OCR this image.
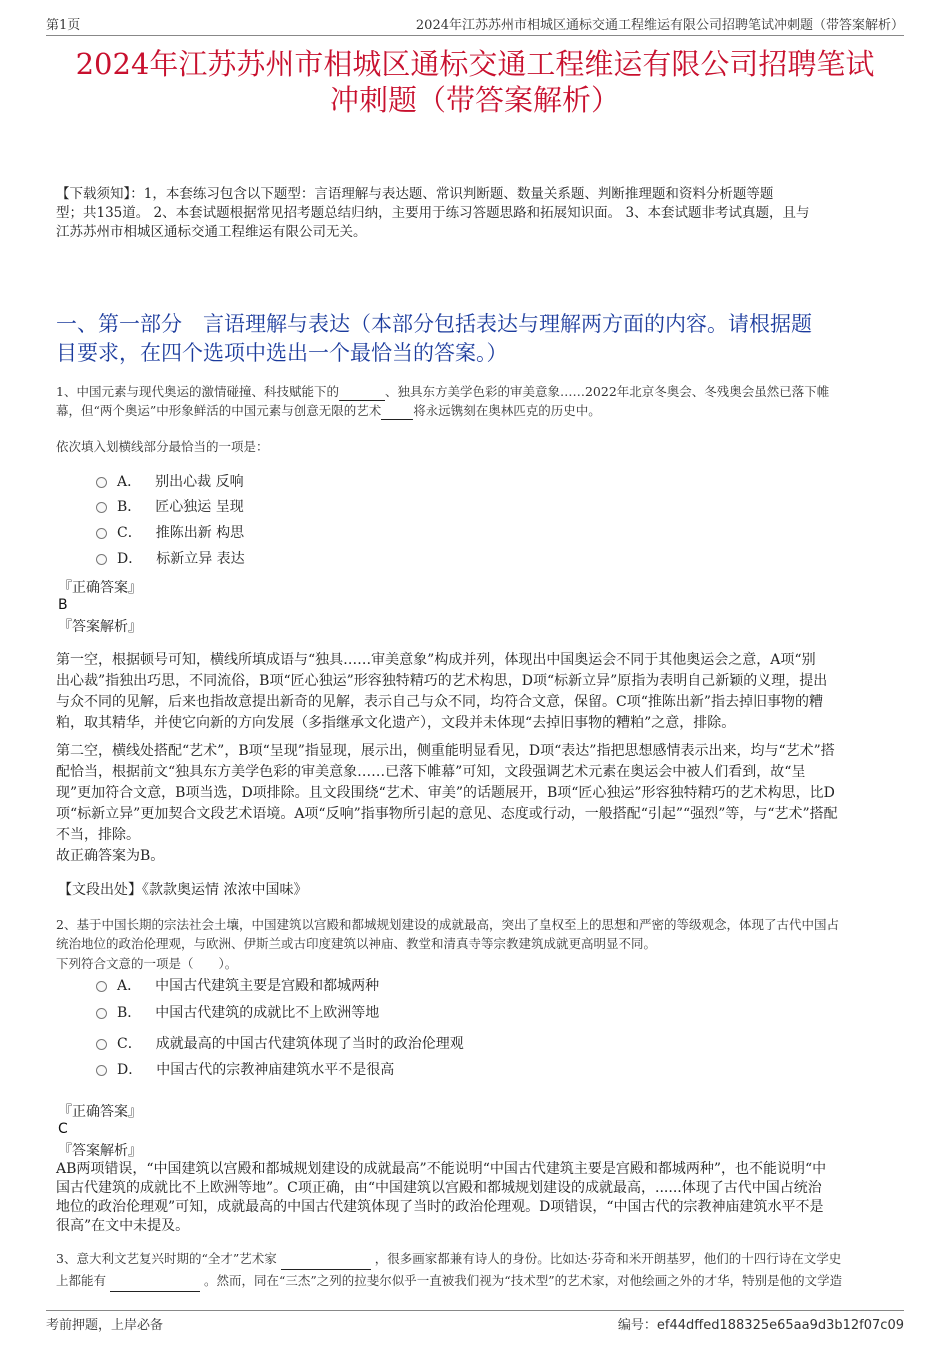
第1页	2024年江苏苏州市相城区通标交通工程维运有限公司招聘笔试冲刺题（带答案解析）
2024年江苏苏州市相城区通标交通工程维运有限公司招聘笔试
冲刺题（带答案解析）
【下载须知】：1，本套练习包含以下题型：言语理解与表达题、常识判断题、数量关系题、判断推理题和资料分析题等题
型；共135道。 2、本套试题根据常见招考题总结归纳，主要用于练习答题思路和拓展知识面。 3、本套试题非考试真题，且与
江苏苏州市相城区通标交通工程维运有限公司无关。
一、第一部分　言语理解与表达（本部分包括表达与理解两方面的内容。请根据题
目要求，在四个选项中选出一个最恰当的答案。）
1、中国元素与现代奥运的激情碰撞、科技赋能下的	、独具东方美学色彩的审美意象……2022年北京冬奥会、冬残奥会虽然已落下帷
幕，但“两个奥运”中形象鲜活的中国元素与创意无限的艺术	将永远镌刻在奥林匹克的历史中。
依次填入划横线部分最恰当的一项是：
A． 别出心裁 反响
B． 匠心独运 呈现
C． 推陈出新 构思
D． 标新立异 表达
『正确答案』
B
『答案解析』
第一空，根据顿号可知，横线所填成语与“独具……审美意象”构成并列，体现出中国奥运会不同于其他奥运会之意，A项“别
出心裁”指独出巧思，不同流俗，B项“匠心独运”形容独特精巧的艺术构思，D项“标新立异”原指为表明自己新颖的义理，提出
与众不同的见解，后来也指故意提出新奇的见解，表示自己与众不同，均符合文意，保留。C项“推陈出新”指去掉旧事物的糟
粕，取其精华，并使它向新的方向发展（多指继承文化遗产），文段并未体现“去掉旧事物的糟粕”之意，排除。
第二空，横线处搭配“艺术”，B项“呈现”指显现，展示出，侧重能明显看见，D项“表达”指把思想感情表示出来，均与“艺术”搭
配恰当，根据前文“独具东方美学色彩的审美意象……已落下帷幕”可知，文段强调艺术元素在奥运会中被人们看到，故“呈
现”更加符合文意，B项当选，D项排除。且文段围绕“艺术、审美”的话题展开，B项“匠心独运”形容独特精巧的艺术构思，比D
项“标新立异”更加契合文段艺术语境。A项“反响”指事物所引起的意见、态度或行动，一般搭配“引起”“强烈”等，与“艺术”搭配
不当，排除。
故正确答案为B。
【文段出处】《款款奥运情 浓浓中国味》
2、基于中国长期的宗法社会土壤，中国建筑以宫殿和都城规划建设的成就最高，突出了皇权至上的思想和严密的等级观念，体现了古代中国占
统治地位的政治伦理观，与欧洲、伊斯兰或古印度建筑以神庙、教堂和清真寺等宗教建筑成就更高明显不同。
下列符合文意的一项是（　　）。
A． 中国古代建筑主要是宫殿和都城两种
B． 中国古代建筑的成就比不上欧洲等地
C． 成就最高的中国古代建筑体现了当时的政治伦理观
D． 中国古代的宗教神庙建筑水平不是很高
『正确答案』
C
『答案解析』
AB两项错误，“中国建筑以宫殿和都城规划建设的成就最高”不能说明“中国古代建筑主要是宫殿和都城两种”，也不能说明“中
国古代建筑的成就比不上欧洲等地”。C项正确，由“中国建筑以宫殿和都城规划建设的成就最高，......体现了古代中国占统治
地位的政治伦理观”可知，成就最高的中国古代建筑体现了当时的政治伦理观。D项错误，“中国古代的宗教神庙建筑水平不是
很高”在文中未提及。
3、意大利文艺复兴时期的“全才”艺术家	，很多画家都兼有诗人的身份。比如达·芬奇和米开朗基罗，他们的十四行诗在文学史
上都能有	。然而，同在“三杰”之列的拉斐尔似乎一直被我们视为“技术型”的艺术家，对他绘画之外的才华，特别是他的文学造
考前押题，上岸必备	编号：ef44dffed188325e65aa9d3b12f07c09
